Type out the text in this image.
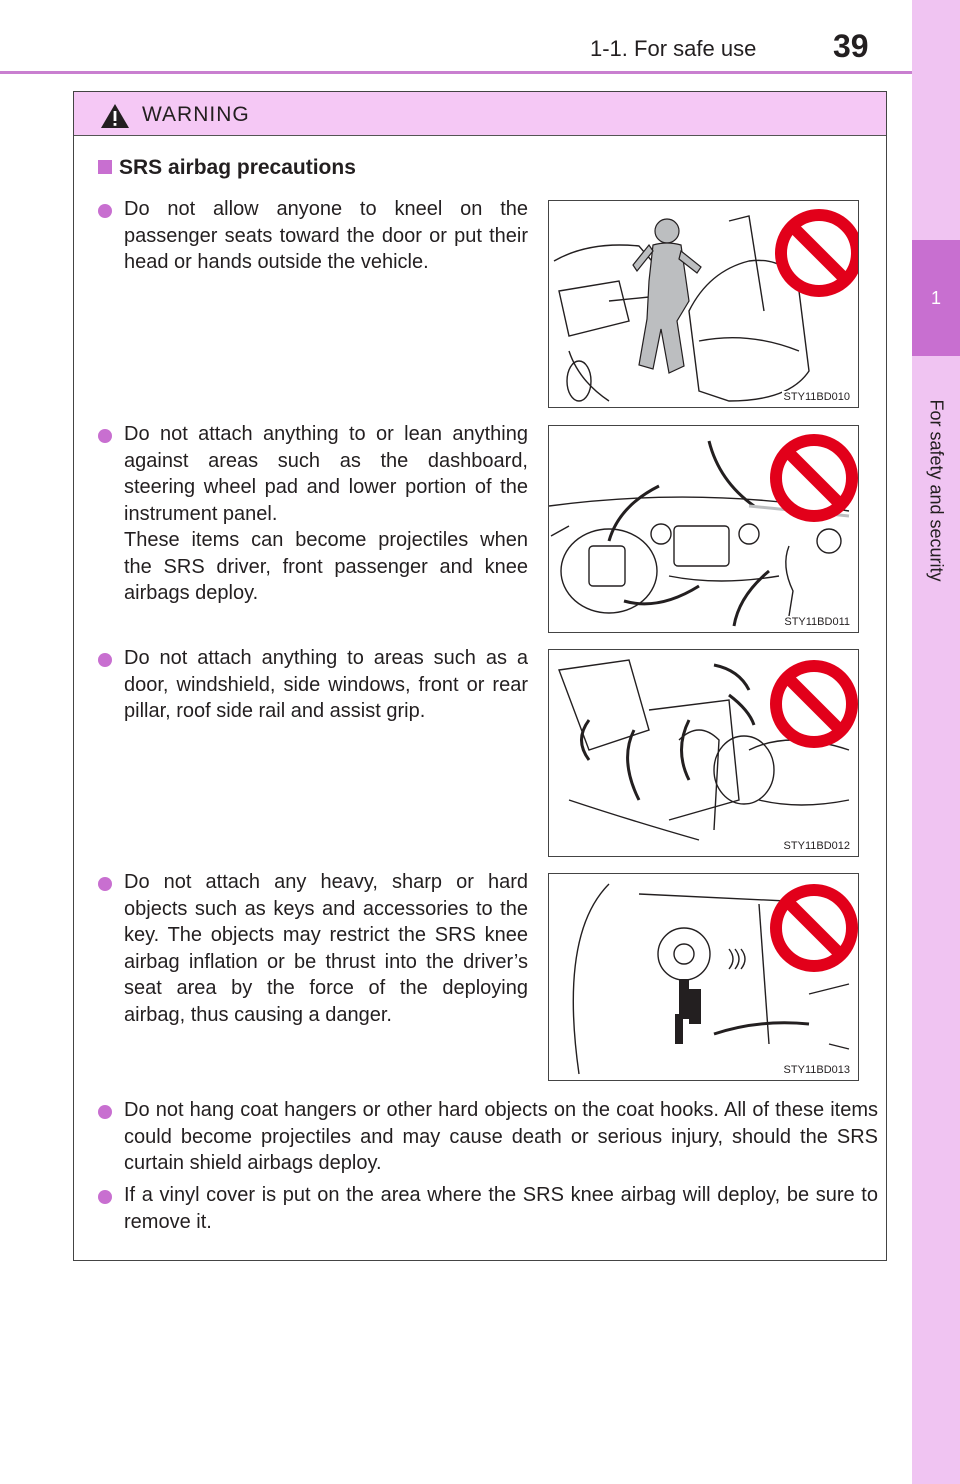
1-1. For safe use 39
1
For safety and security
WARNING
SRS airbag precautions

Do not allow anyone to kneel on the passenger seats toward the door or put their head or hands outside the vehicle.

Do not attach anything to or lean anything against areas such as the dashboard, steering wheel pad and lower portion of the instrument panel.

These items can become projectiles when the SRS driver, front passenger and knee airbags deploy.

Do not attach anything to areas such as a door, windshield, side windows, front or rear pillar, roof side rail and assist grip.

Do not attach any heavy, sharp or hard objects such as keys and accessories to the key. The objects may restrict the SRS knee airbag inflation or be thrust into the driver’s seat area by the force of the deploying airbag, thus causing a danger.

Do not hang coat hangers or other hard objects on the coat hooks. All of these items could become projectiles and may cause death or serious injury, should the SRS curtain shield airbags deploy.

If a vinyl cover is put on the area where the SRS knee airbag will deploy, be sure to remove it.

STY11BD010
STY11BD011
STY11BD012
STY11BD013
